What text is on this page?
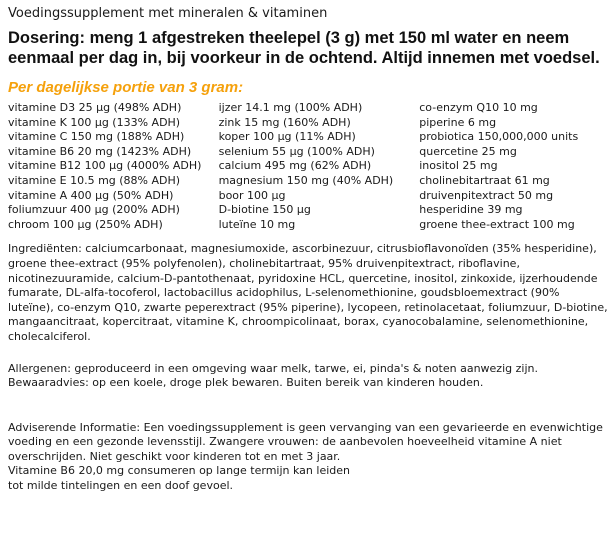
Voedingssupplement met mineralen & vitaminen
Dosering: meng 1 afgestreken theelepel (3 g) met 150 ml water en neem eenmaal per dag in, bij voorkeur in de ochtend. Altijd innemen met voedsel.
Per dagelijkse portie van 3 gram:
vitamine D3 25 µg (498% ADH)
vitamine K 100 µg (133% ADH)
vitamine C 150 mg (188% ADH)
vitamine B6 20 mg (1423% ADH)
vitamine B12 100 µg (4000% ADH)
vitamine E 10.5 mg (88% ADH)
vitamine A 400 µg (50% ADH)
foliumzuur 400 µg (200% ADH)
chroom 100 µg (250% ADH)
ijzer 14.1 mg (100% ADH)
zink 15 mg (160% ADH)
koper 100 µg (11% ADH)
selenium 55 µg (100% ADH)
calcium 495 mg (62% ADH)
magnesium 150 mg (40% ADH)
boor 100 µg
D-biotine 150 µg
luteïne 10 mg
co-enzym Q10 10 mg
piperine 6 mg
probiotica 150,000,000 units
quercetine 25 mg
inositol 25 mg
cholinebitartraat 61 mg
druivenpitextract 50 mg
hesperidine 39 mg
groene thee-extract 100 mg

Ingrediënten: calciumcarbonaat, magnesiumoxide, ascorbinezuur, citrusbioflavonoïden (35% hesperidine), groene thee-extract (95% polyfenolen), cholinebitartraat, 95% druivenpitextract, riboflavine, nicotinezuuramide, calcium-D-pantothenaat, pyridoxine HCL, quercetine, inositol, zinkoxide, ijzerhoudende fumarate, DL-alfa-tocoferol, lactobacillus acidophilus, L-selenomethionine, goudsbloemextract (90% luteïne), co-enzym Q10, zwarte peperextract (95% piperine), lycopeen, retinolacetaat, foliumzuur, D-biotine, mangaancitraat, kopercitraat, vitamine K, chroompicolinaat, borax, cyanocobalamine, selenomethionine, cholecalciferol.

Allergenen: geproduceerd in een omgeving waar melk, tarwe, ei, pinda's & noten aanwezig zijn.

Bewaaradvies: op een koele, droge plek bewaren. Buiten bereik van kinderen houden.

Adviserende Informatie: Een voedingssupplement is geen vervanging van een gevarieerde en evenwichtige voeding en een gezonde levensstijl. Zwangere vrouwen: de aanbevolen hoeveelheid vitamine A niet overschrijden. Niet geschikt voor kinderen tot en met 3 jaar.

Vitamine B6 20,0 mg consumeren op lange termijn kan leiden

tot milde tintelingen en een doof gevoel.
